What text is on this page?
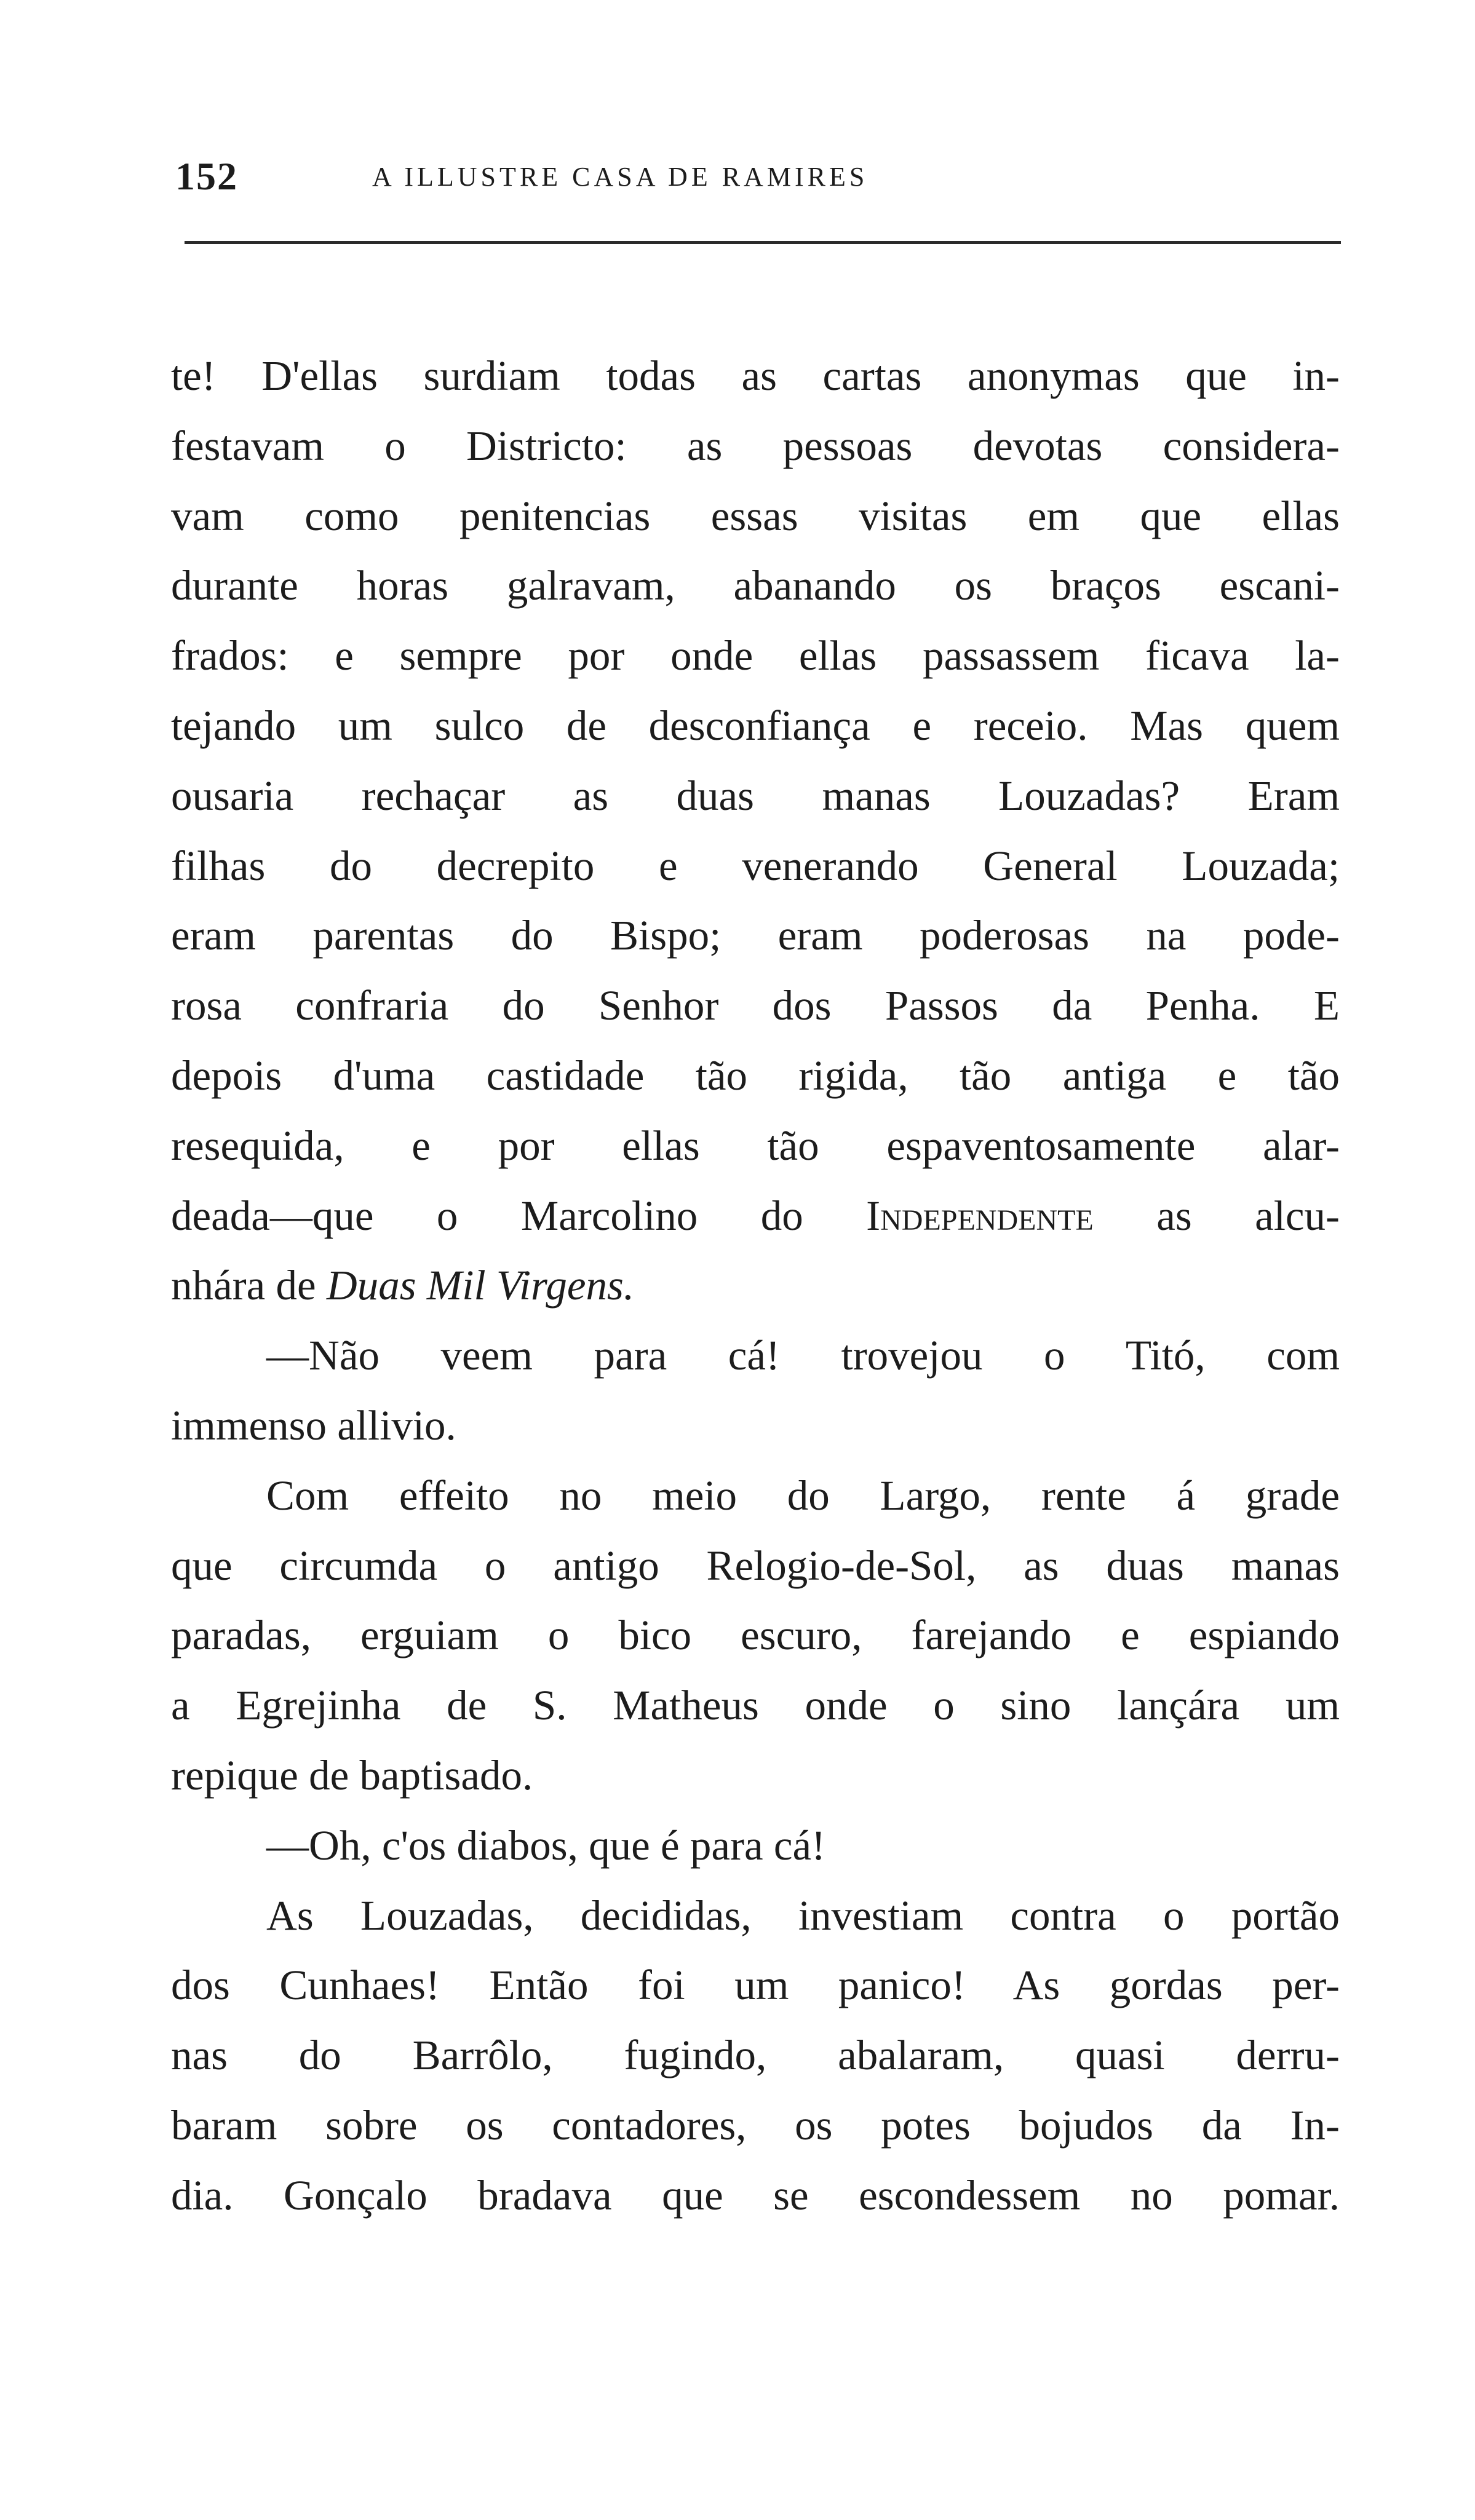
152	A ILLUSTRE CASA DE RAMIRES
te! D'ellas surdiam todas as cartas anonymas que in-
festavam o Districto: as pessoas devotas considera-
vam como penitencias essas visitas em que ellas
durante horas galravam, abanando os braços escani-
frados: e sempre por onde ellas passassem ficava la-
tejando um sulco de desconfiança e receio. Mas quem
ousaria rechaçar as duas manas Louzadas? Eram
filhas do decrepito e venerando General Louzada;
eram parentas do Bispo; eram poderosas na pode-
rosa confraria do Senhor dos Passos da Penha. E
depois d'uma castidade tão rigida, tão antiga e tão
resequida, e por ellas tão espaventosamente alar-
deada—que o Marcolino do Independente as alcu-
nhára de Duas Mil Virgens.
—Não veem para cá! trovejou o Titó, com
immenso allivio.
Com effeito no meio do Largo, rente á grade
que circumda o antigo Relogio-de-Sol, as duas manas
paradas, erguiam o bico escuro, farejando e espiando
a Egrejinha de S. Matheus onde o sino lançára um
repique de baptisado.
—Oh, c'os diabos, que é para cá!
As Louzadas, decididas, investiam contra o portão
dos Cunhaes! Então foi um panico! As gordas per-
nas do Barrôlo, fugindo, abalaram, quasi derru-
baram sobre os contadores, os potes bojudos da In-
dia. Gonçalo bradava que se escondessem no pomar.
